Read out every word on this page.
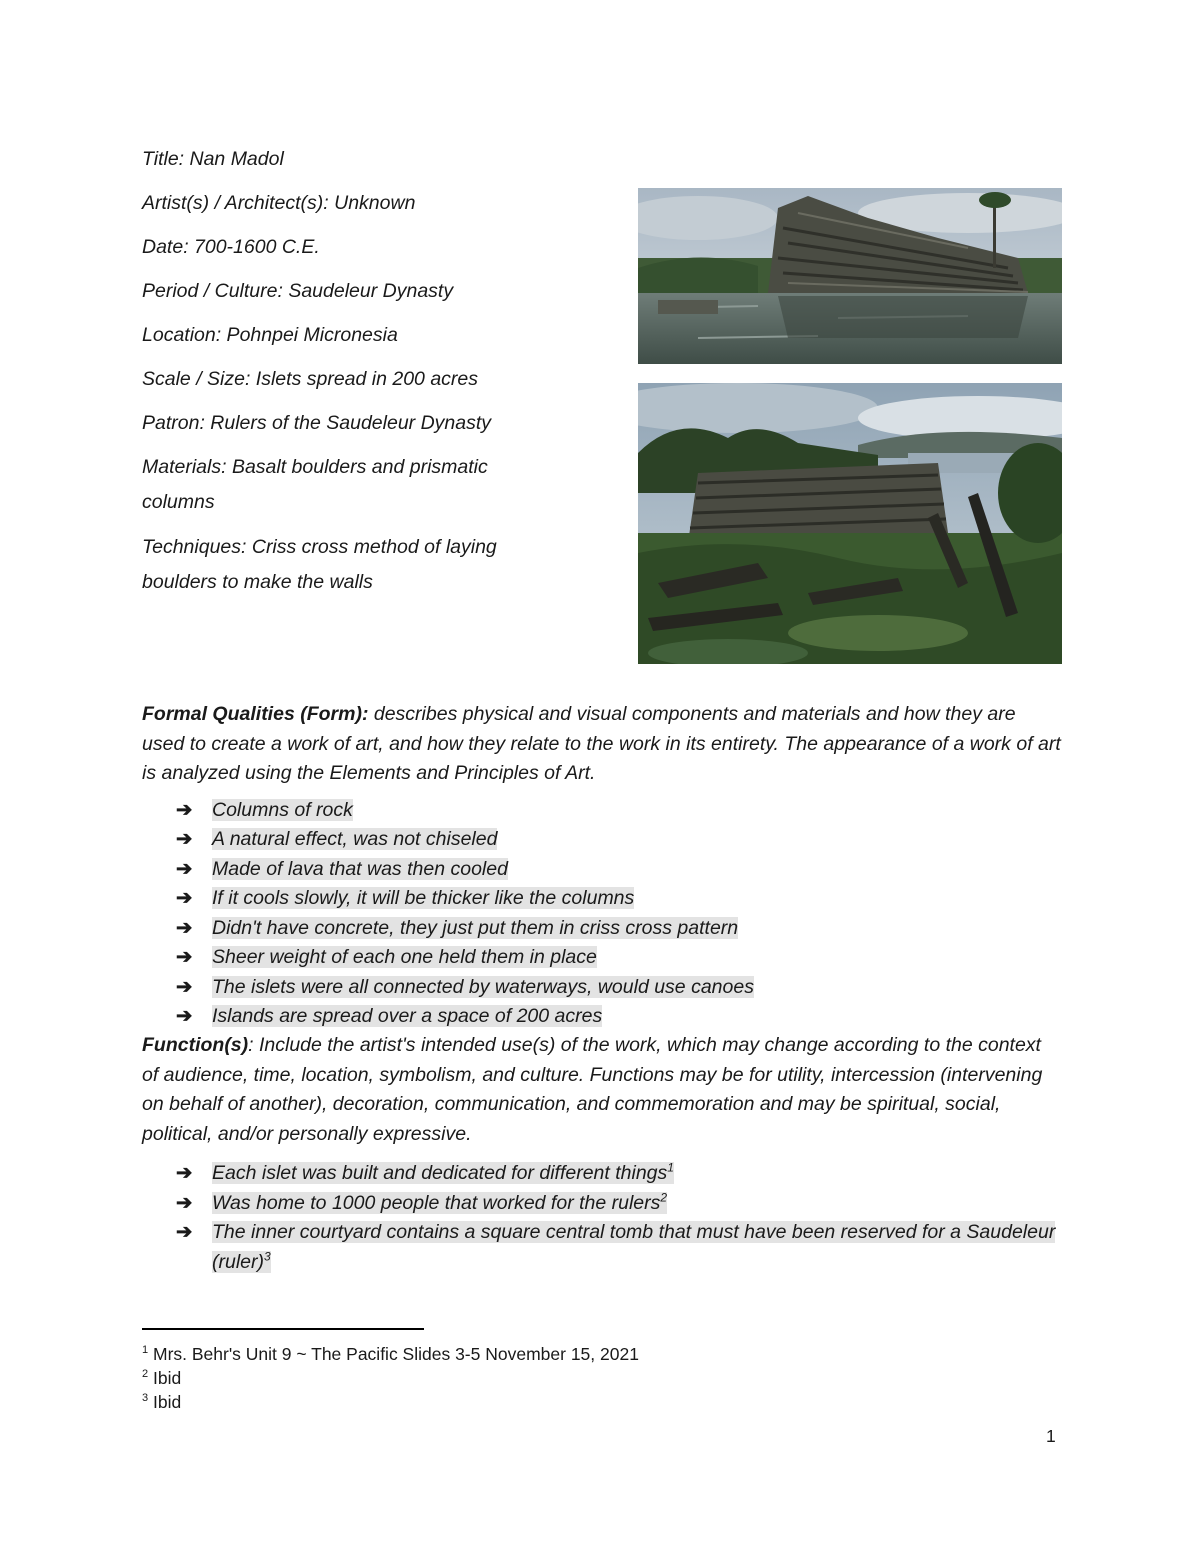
Title: Nan Madol

Artist(s) / Architect(s): Unknown

Date: 700-1600 C.E.

Period / Culture: Saudeleur Dynasty

Location: Pohnpei Micronesia

Scale / Size: Islets spread in 200 acres

Patron: Rulers of the Saudeleur Dynasty

Materials: Basalt boulders and prismatic columns

Techniques: Criss cross method of laying boulders to make the walls

Formal Qualities (Form): describes physical and visual components and materials and how they are used to create a work of art, and how they relate to the work in its entirety. The appearance of a work of art is analyzed using the Elements and Principles of Art.

➔ Columns of rock
➔ A natural effect, was not chiseled
➔ Made of lava that was then cooled
➔ If it cools slowly, it will be thicker like the columns
➔ Didn't have concrete, they just put them in criss cross pattern
➔ Sheer weight of each one held them in place
➔ The islets were all connected by waterways, would use canoes
➔ Islands are spread over a space of 200 acres

Function(s): Include the artist's intended use(s) of the work, which may change according to the context of audience, time, location, symbolism, and culture. Functions may be for utility, intercession (intervening on behalf of another), decoration, communication, and commemoration and may be spiritual, social, political, and/or personally expressive.

➔ Each islet was built and dedicated for different things$^1$
➔ Was home to 1000 people that worked for the rulers$^2$
➔ The inner courtyard contains a square central tomb that must have been reserved for a Saudeleur (ruler)$^3$
$^1$ Mrs. Behr's Unit 9 ~ The Pacific Slides 3-5 November 15, 2021
$^2$ Ibid
$^3$ Ibid
1
